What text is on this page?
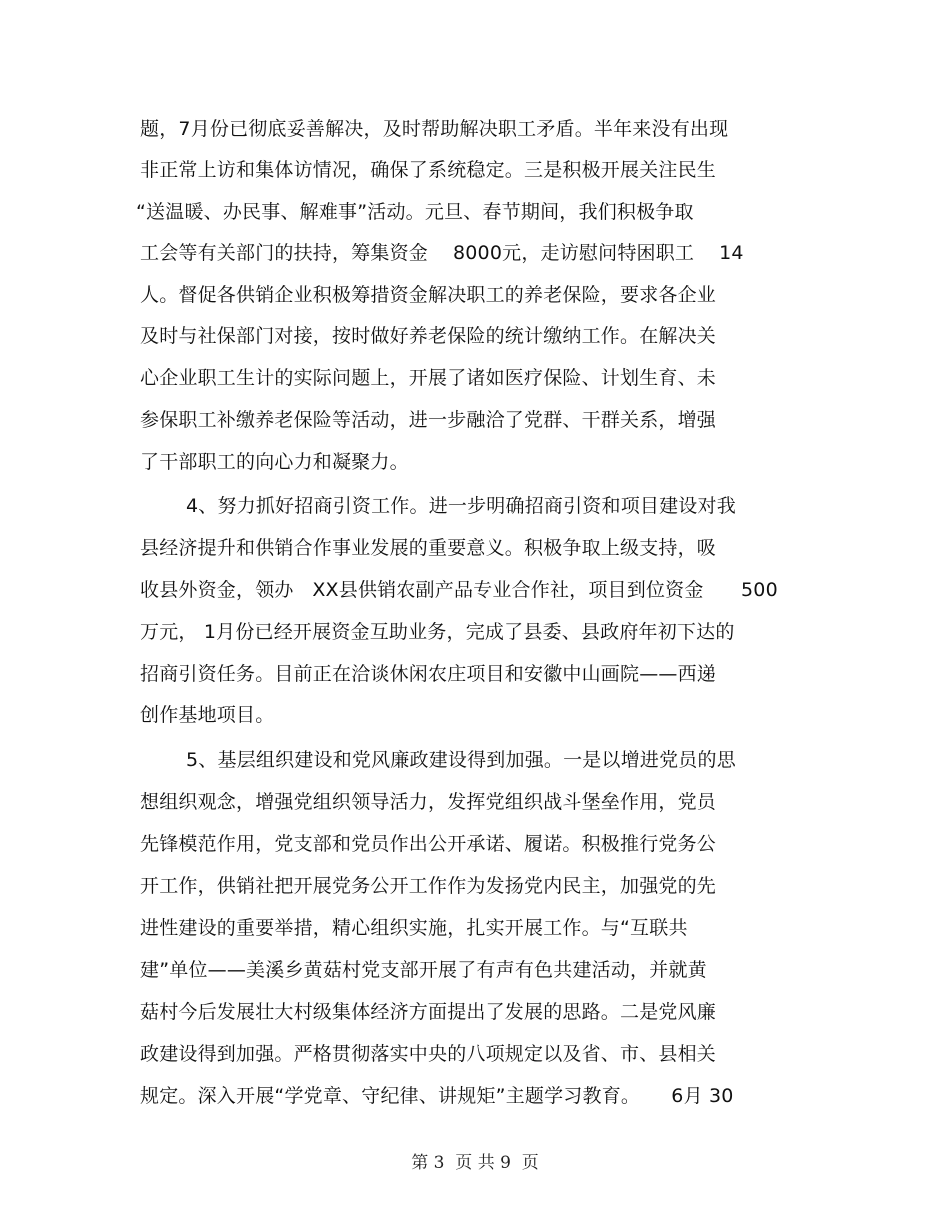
题，7月份已彻底妥善解决，及时帮助解决职工矛盾。半年来没有出现
非正常上访和集体访情况，确保了系统稳定。三是积极开展关注民生
“送温暖、办民事、解难事”活动。元旦、春节期间，我们积极争取
工会等有关部门的扶持，筹集资金    8000元，走访慰问特困职工    14
人。督促各供销企业积极筹措资金解决职工的养老保险，要求各企业
及时与社保部门对接，按时做好养老保险的统计缴纳工作。在解决关
心企业职工生计的实际问题上，开展了诸如医疗保险、计划生育、未
参保职工补缴养老保险等活动，进一步融洽了党群、干群关系，增强
了干部职工的向心力和凝聚力。
4、努力抓好招商引资工作。进一步明确招商引资和项目建设对我
县经济提升和供销合作事业发展的重要意义。积极争取上级支持，吸
收县外资金，领办   XX县供销农副产品专业合作社，项目到位资金      500
万元， 1月份已经开展资金互助业务，完成了县委、县政府年初下达的
招商引资任务。目前正在洽谈休闲农庄项目和安徽中山画院——西递
创作基地项目。
5、基层组织建设和党风廉政建设得到加强。一是以增进党员的思
想组织观念，增强党组织领导活力，发挥党组织战斗堡垒作用，党员
先锋模范作用，党支部和党员作出公开承诺、履诺。积极推行党务公
开工作，供销社把开展党务公开工作作为发扬党内民主，加强党的先
进性建设的重要举措，精心组织实施，扎实开展工作。与“互联共
建”单位——美溪乡黄菇村党支部开展了有声有色共建活动，并就黄
菇村今后发展壮大村级集体经济方面提出了发展的思路。二是党风廉
政建设得到加强。严格贯彻落实中央的八项规定以及省、市、县相关
规定。深入开展“学党章、守纪律、讲规矩”主题学习教育。     6月 30
第 3  页 共 9  页
